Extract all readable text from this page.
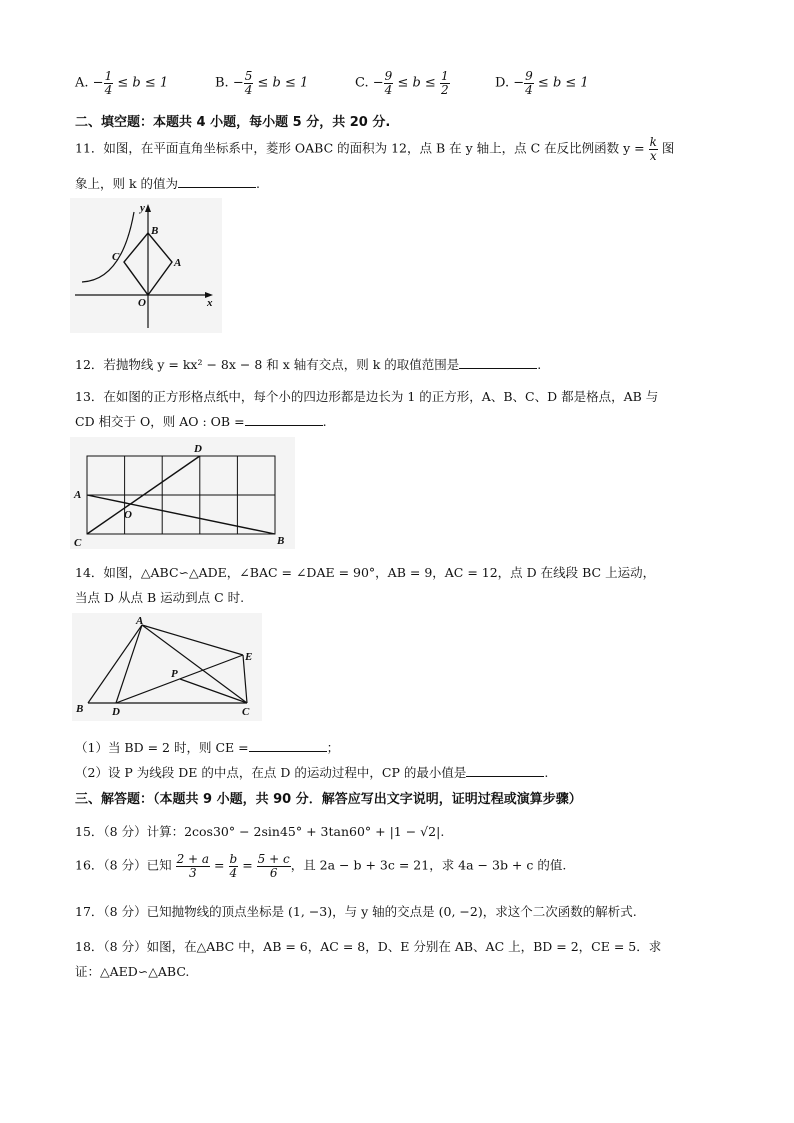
A. − $\frac{1}{4} \le b \le 1$	B. − $\frac{5}{4} \le b \le 1$	C. − $\frac{9}{4} \le b \le \frac{1}{2}$	D. − $\frac{9}{4} \le b \le 1$
二、填空题：本题共 4 小题，每小题 5 分，共 20 分.
11．如图，在平面直角坐标系中，菱形 OABC 的面积为 12，点 B 在 y 轴上，点 C 在反比例函数 $y = \frac{k}{x}$ 图
象上，则 k 的值为	.
y
x
B
C	A
O
12．若抛物线 y = kx² − 8x − 8 和 x 轴有交点，则 k 的取值范围是	.
13．在如图的正方形格点纸中，每个小的四边形都是边长为 1 的正方形，A、B、C、D 都是格点，AB 与
CD 相交于 O，则 AO : OB =	.
A
B
C
D
O
14．如图，△ABC∽△ADE，∠BAC = ∠DAE = 90°，AB = 9，AC = 12，点 D 在线段 BC 上运动，
当点 D 从点 B 运动到点 C 时.
B
A
E
P
D	C
（1）当 BD = 2 时，则 CE =	；
（2）设 P 为线段 DE 的中点，在点 D 的运动过程中，CP 的最小值是	.
三、解答题：（本题共 9 小题，共 90 分．解答应写出文字说明，证明过程或演算步骤）
15．（8 分）计算：2cos30° − 2sin45° + 3tan60° + |1 − √2|.
16．（8 分）已知 $\frac{2 + a}{3} = \frac{b}{4} = \frac{5 + c}{6}$ ，且 2a − b + 3c = 21，求 4a − 3b + c 的值.
17．（8 分）已知抛物线的顶点坐标是 (1, −3)，与 y 轴的交点是 (0, −2)，求这个二次函数的解析式.
18．（8 分）如图，在△ABC 中，AB = 6，AC = 8，D、E 分别在 AB、AC 上，BD = 2，CE = 5．求
证：△AED∽△ABC.
